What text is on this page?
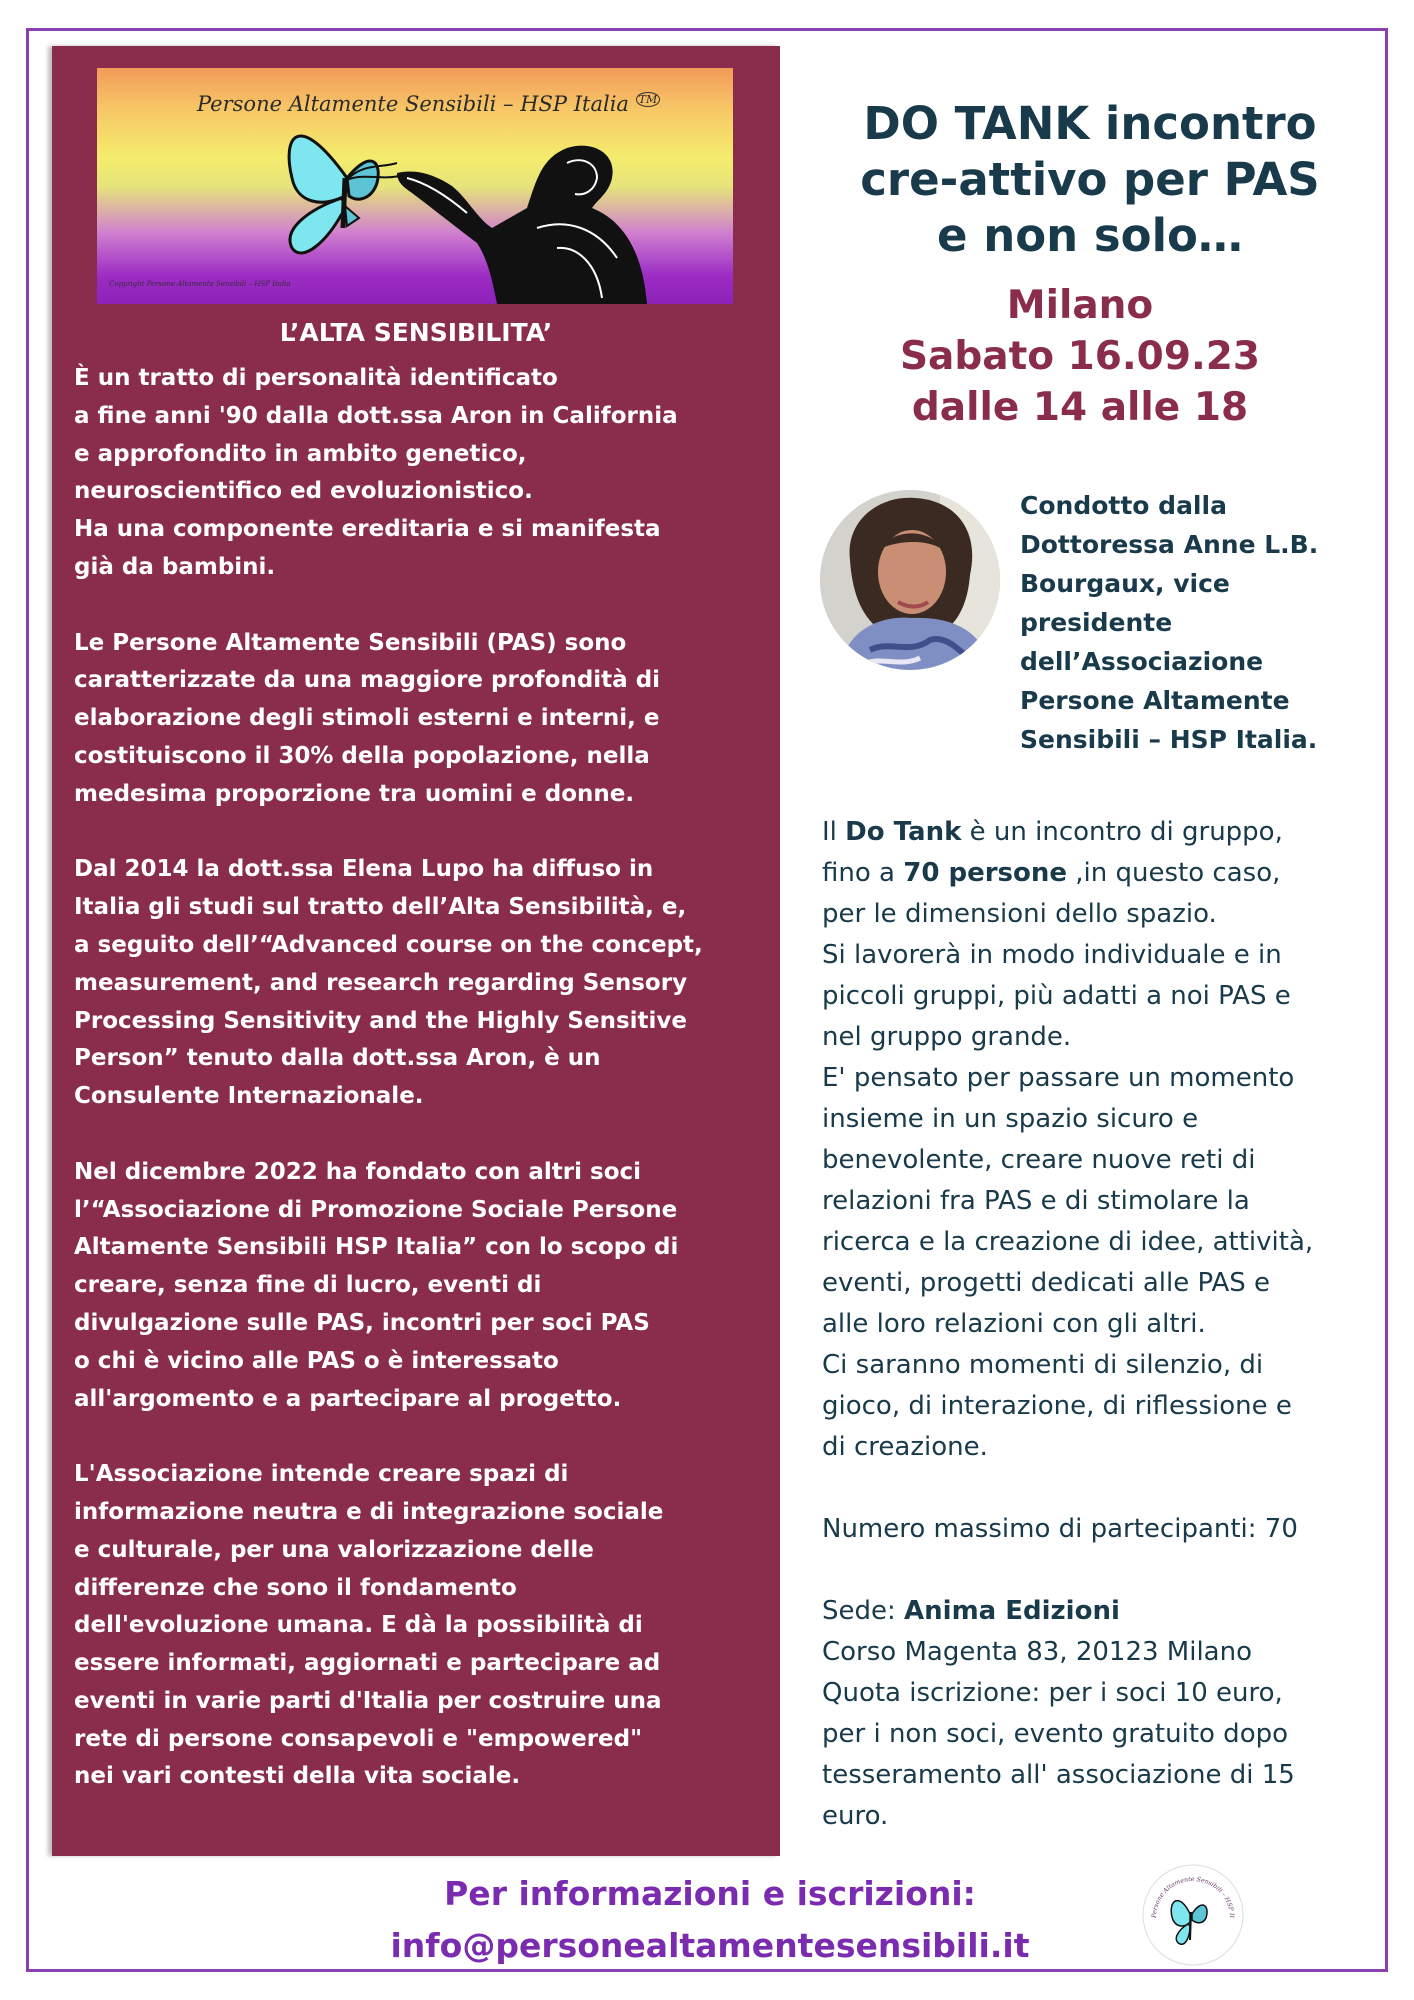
Persone Altamente Sensibili – HSP Italia ™
Copyright Persone Altamente Sensibili – HSP Italia
L’ALTA SENSIBILITA’

È un tratto di personalità identificato
a fine anni '90 dalla dott.ssa Aron in California
e approfondito in ambito genetico,
neuroscientifico ed evoluzionistico.
Ha una componente ereditaria e si manifesta
già da bambini.

Le Persone Altamente Sensibili (PAS) sono
caratterizzate da una maggiore profondità di
elaborazione degli stimoli esterni e interni, e
costituiscono il 30% della popolazione, nella
medesima proporzione tra uomini e donne.

Dal 2014 la dott.ssa Elena Lupo ha diffuso in
Italia gli studi sul tratto dell’Alta Sensibilità, e,
a seguito dell’“Advanced course on the concept,
measurement, and research regarding Sensory
Processing Sensitivity and the Highly Sensitive
Person” tenuto dalla dott.ssa Aron, è un
Consulente Internazionale.

Nel dicembre 2022 ha fondato con altri soci
l’“Associazione di Promozione Sociale Persone
Altamente Sensibili HSP Italia” con lo scopo di
creare, senza fine di lucro, eventi di
divulgazione sulle PAS, incontri per soci PAS
o chi è vicino alle PAS o è interessato
all'argomento e a partecipare al progetto.

L'Associazione intende creare spazi di
informazione neutra e di integrazione sociale
e culturale, per una valorizzazione delle
differenze che sono il fondamento
dell'evoluzione umana. E dà la possibilità di
essere informati, aggiornati e partecipare ad
eventi in varie parti d'Italia per costruire una
rete di persone consapevoli e "empowered"
nei vari contesti della vita sociale.

DO TANK incontro
cre-attivo per PAS
e non solo…
Milano
Sabato 16.09.23
dalle 14 alle 18
Condotto dalla
Dottoressa Anne L.B.
Bourgaux, vice
presidente
dell’Associazione
Persone Altamente
Sensibili – HSP Italia.
Il Do Tank è un incontro di gruppo,
fino a 70 persone ,in questo caso,
per le dimensioni dello spazio.
Si lavorerà in modo individuale e in
piccoli gruppi, più adatti a noi PAS e
nel gruppo grande.
E' pensato per passare un momento
insieme in un spazio sicuro e
benevolente, creare nuove reti di
relazioni fra PAS e di stimolare la
ricerca e la creazione di idee, attività,
eventi, progetti dedicati alle PAS e
alle loro relazioni con gli altri.
Ci saranno momenti di silenzio, di
gioco, di interazione, di riflessione e
di creazione.
Numero massimo di partecipanti: 70
Sede: Anima Edizioni
Corso Magenta 83, 20123 Milano
Quota iscrizione: per i soci 10 euro,
per i non soci, evento gratuito dopo
tesseramento all' associazione di 15
euro.
Per informazioni e iscrizioni:
info@personealtamentesensibili.it
Persone Altamente Sensibili – HSP It
